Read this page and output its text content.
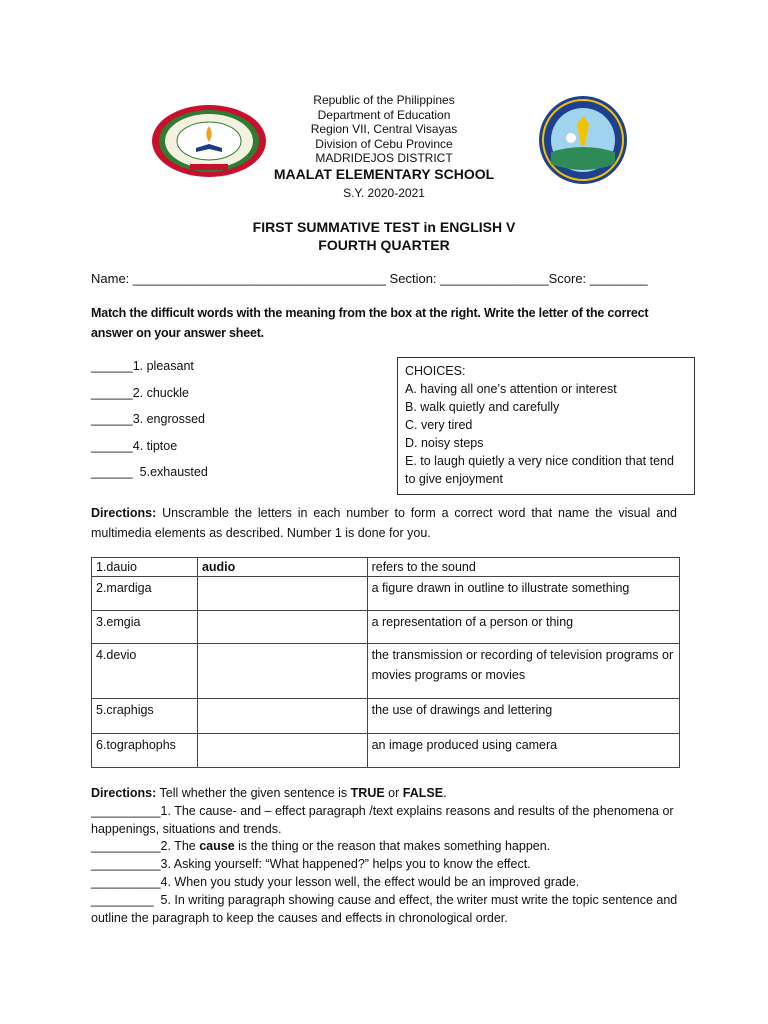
Republic of the Philippines
Department of Education
Region VII, Central Visayas
Division of Cebu Province
MADRIDEJOS DISTRICT
MAALAT ELEMENTARY SCHOOL
S.Y. 2020-2021
FIRST SUMMATIVE TEST in ENGLISH V
FOURTH QUARTER
Name: ___________________________________ Section: _______________Score: ________
Match the difficult words with the meaning from the box at the right. Write the letter of the correct answer on your answer sheet.
______1. pleasant
______2. chuckle
______3. engrossed
______4. tiptoe
______  5.exhausted
CHOICES:
A. having all one’s attention or interest
B. walk quietly and carefully
C. very tired
D. noisy steps
E. to laugh quietly a very nice condition that tend to give enjoyment
Directions: Unscramble the letters in each number to form a correct word that name the visual and multimedia elements as described. Number 1 is done for you.
1.dauio	audio	refers to the sound
2.mardiga		a figure drawn in outline to illustrate something
3.emgia		a representation of a person or thing
4.devio		the transmission or recording of television programs or movies programs or movies
5.craphigs		the use of drawings and lettering
6.tographophs		an image produced using camera
Directions: Tell whether the given sentence is TRUE or FALSE.
__________1. The cause- and – effect paragraph /text explains reasons and results of the phenomena or happenings, situations and trends.
__________2. The cause is the thing or the reason that makes something happen.
__________3. Asking yourself: “What happened?” helps you to know the effect.
__________4. When you study your lesson well, the effect would be an improved grade.
_________  5. In writing paragraph showing cause and effect, the writer must write the topic sentence and outline the paragraph to keep the causes and effects in chronological order.
